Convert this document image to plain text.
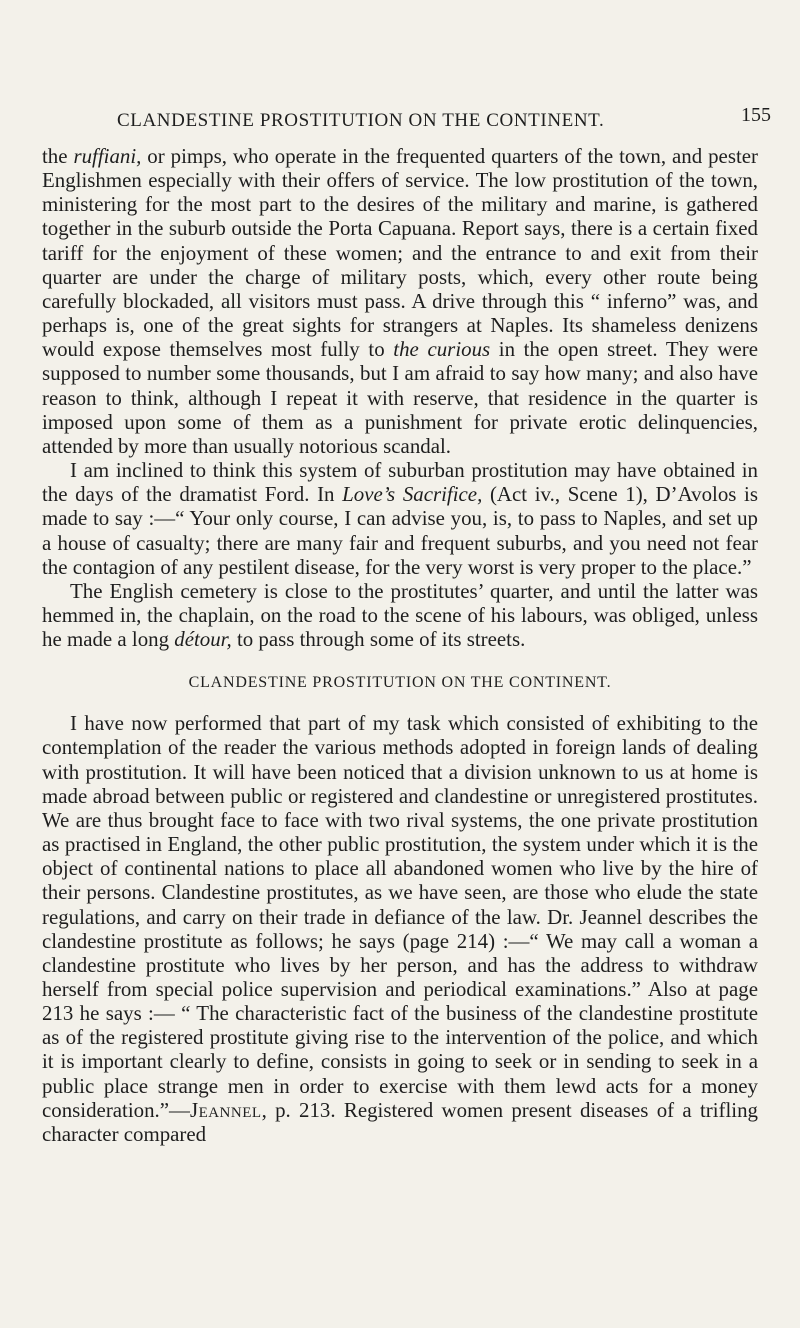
CLANDESTINE PROSTITUTION ON THE CONTINENT.	155

the ruffiani, or pimps, who operate in the frequented quarters of the town, and pester Englishmen especially with their offers of service. The low prostitution of the town, ministering for the most part to the desires of the military and marine, is gathered together in the suburb outside the Porta Capuana. Report says, there is a certain fixed tariff for the enjoyment of these women; and the entrance to and exit from their quarter are under the charge of military posts, which, every other route being carefully blockaded, all visitors must pass. A drive through this “ inferno” was, and perhaps is, one of the great sights for strangers at Naples. Its shameless denizens would expose themselves most fully to the curious in the open street. They were supposed to number some thousands, but I am afraid to say how many; and also have reason to think, although I repeat it with reserve, that residence in the quarter is imposed upon some of them as a punishment for private erotic delinquencies, attended by more than usually notorious scandal.

I am inclined to think this system of suburban prostitution may have obtained in the days of the dramatist Ford. In Love’s Sacrifice, (Act iv., Scene 1), D’Avolos is made to say :—“ Your only course, I can advise you, is, to pass to Naples, and set up a house of casualty; there are many fair and frequent suburbs, and you need not fear the contagion of any pestilent disease, for the very worst is very proper to the place.”

The English cemetery is close to the prostitutes’ quarter, and until the latter was hemmed in, the chaplain, on the road to the scene of his labours, was obliged, unless he made a long détour, to pass through some of its streets.

CLANDESTINE PROSTITUTION ON THE CONTINENT.

I have now performed that part of my task which consisted of exhibiting to the contemplation of the reader the various methods adopted in foreign lands of dealing with prostitution. It will have been noticed that a division unknown to us at home is made abroad between public or registered and clandestine or unregistered prostitutes. We are thus brought face to face with two rival systems, the one private prostitution as practised in England, the other public prostitution, the system under which it is the object of continental nations to place all abandoned women who live by the hire of their persons. Clandestine prostitutes, as we have seen, are those who elude the state regulations, and carry on their trade in defiance of the law. Dr. Jeannel describes the clandestine prostitute as follows; he says (page 214) :—“ We may call a woman a clandestine prostitute who lives by her person, and has the address to withdraw herself from special police supervision and periodical examinations.” Also at page 213 he says :— “ The characteristic fact of the business of the clandestine prostitute as of the registered prostitute giving rise to the intervention of the police, and which it is important clearly to define, consists in going to seek or in sending to seek in a public place strange men in order to exercise with them lewd acts for a money consideration.”—Jeannel, p. 213. Registered women present diseases of a trifling character compared
